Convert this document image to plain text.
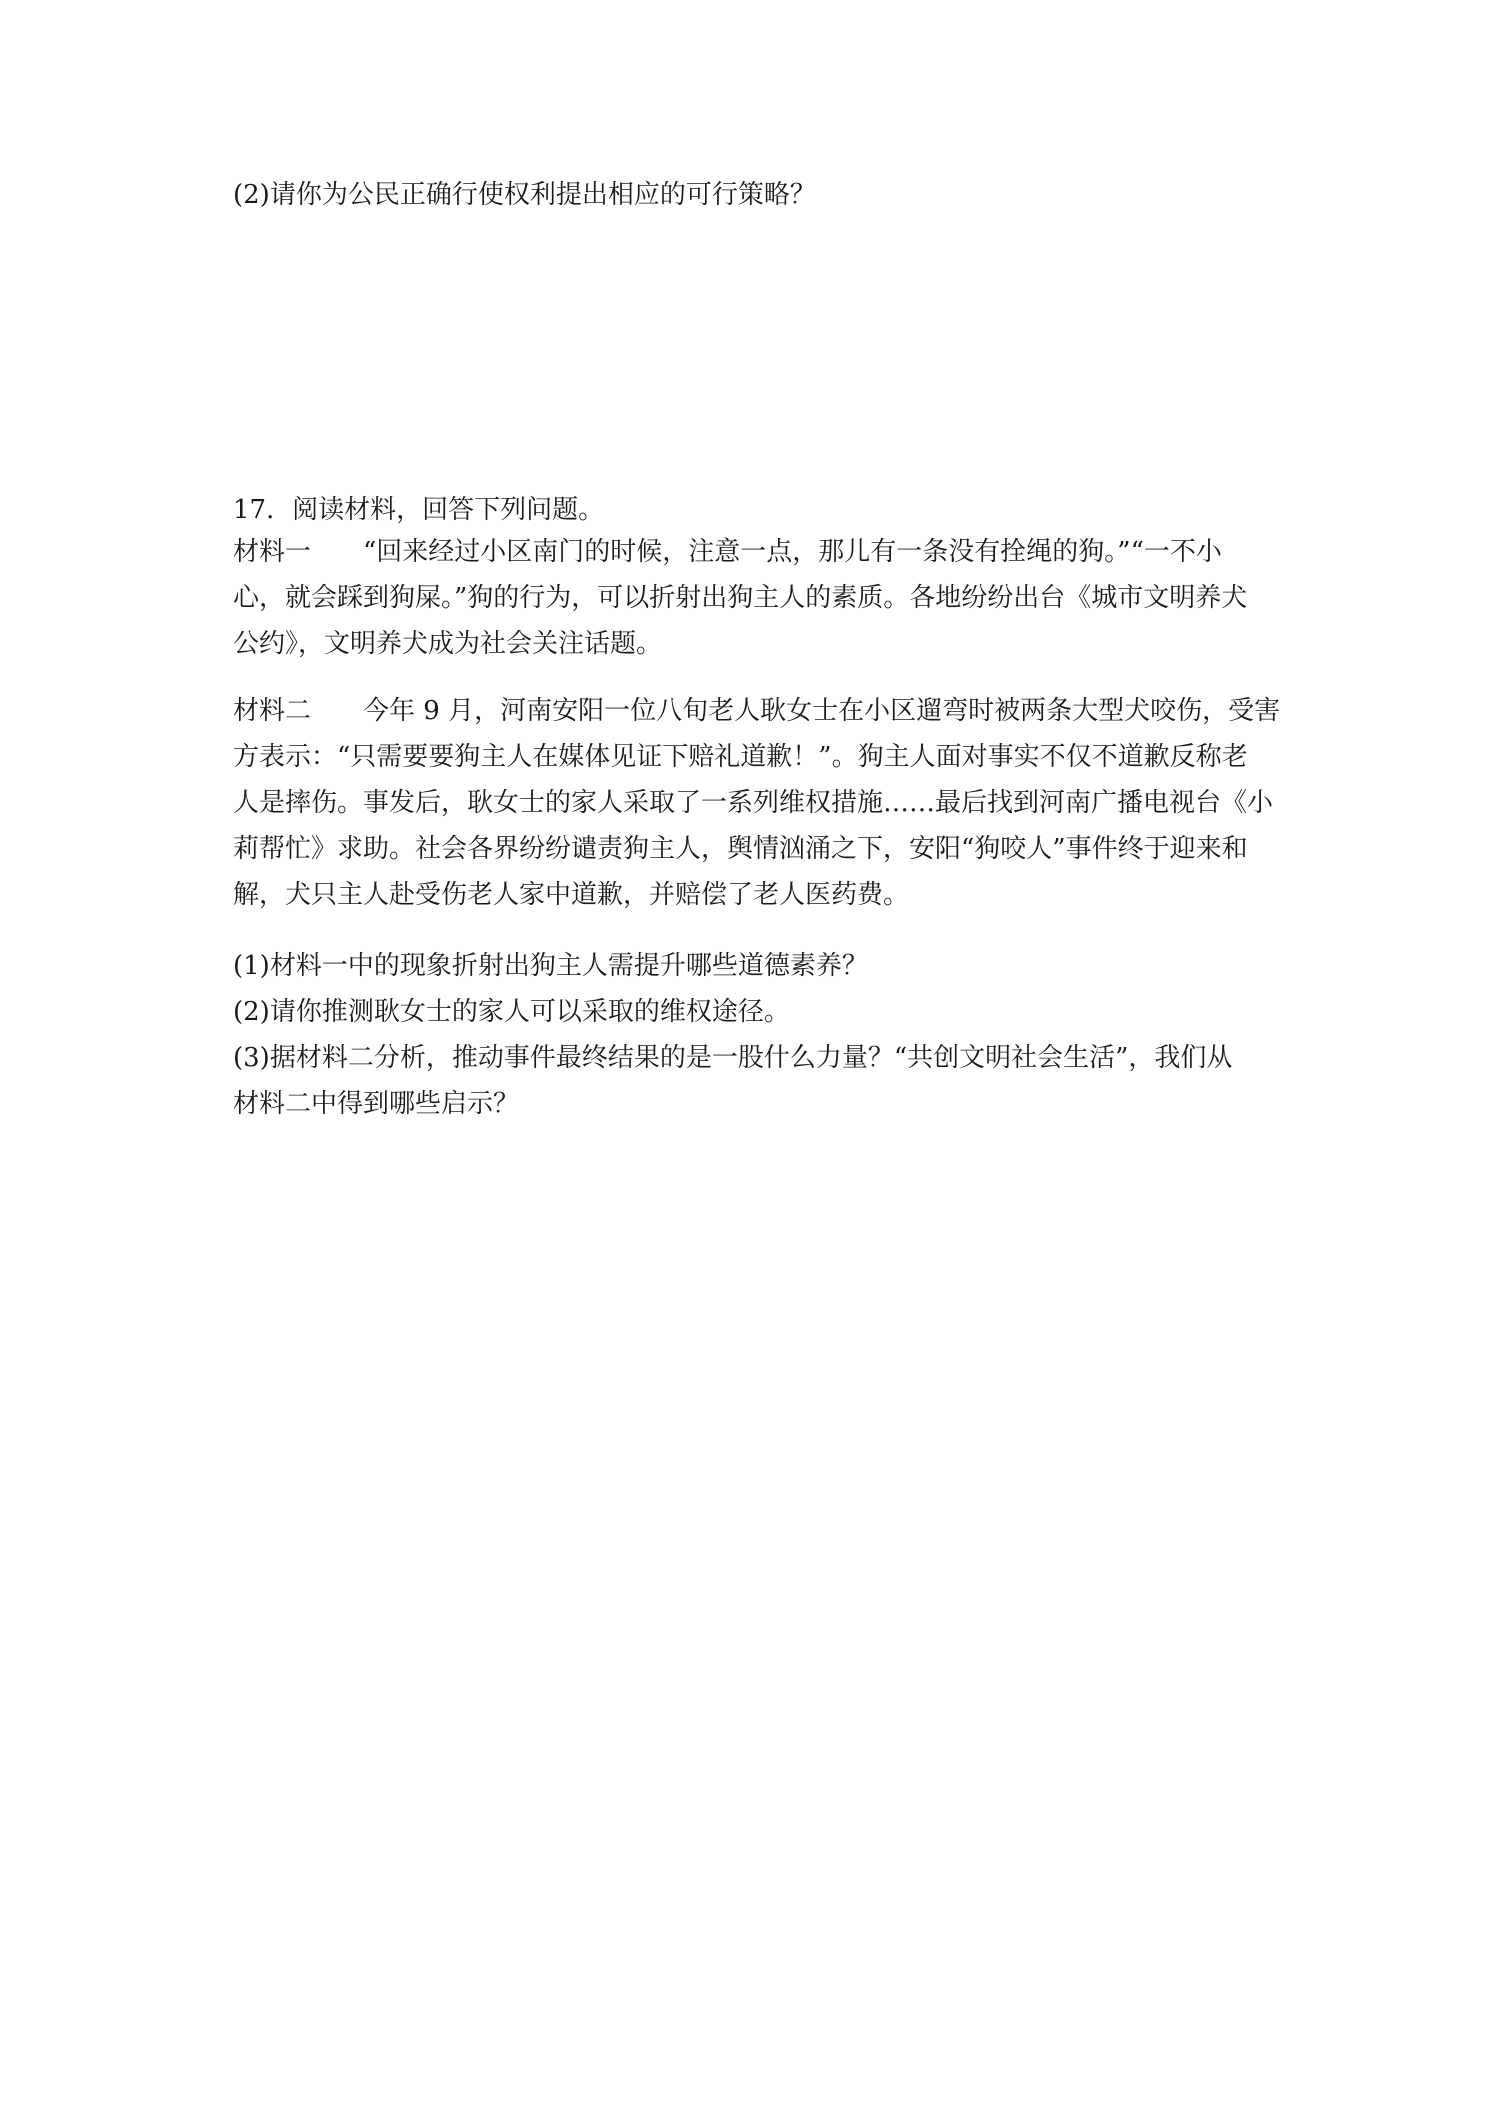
(2)请你为公民正确行使权利提出相应的可行策略？
17．阅读材料，回答下列问题。
材料一 “回来经过小区南门的时候，注意一点，那儿有一条没有拴绳的狗。”“一不小
心，就会踩到狗屎。”狗的行为，可以折射出狗主人的素质。各地纷纷出台《城市文明养犬
公约》，文明养犬成为社会关注话题。
材料二 今年 9 月，河南安阳一位八旬老人耿女士在小区遛弯时被两条大型犬咬伤，受害
方表示：“只需要要狗主人在媒体见证下赔礼道歉！”。狗主人面对事实不仅不道歉反称老
人是摔伤。事发后，耿女士的家人采取了一系列维权措施……最后找到河南广播电视台《小
莉帮忙》求助。社会各界纷纷谴责狗主人，舆情汹涌之下，安阳“狗咬人”事件终于迎来和
解，犬只主人赴受伤老人家中道歉，并赔偿了老人医药费。
(1)材料一中的现象折射出狗主人需提升哪些道德素养？
(2)请你推测耿女士的家人可以采取的维权途径。
(3)据材料二分析，推动事件最终结果的是一股什么力量？“共创文明社会生活”，我们从
材料二中得到哪些启示？
